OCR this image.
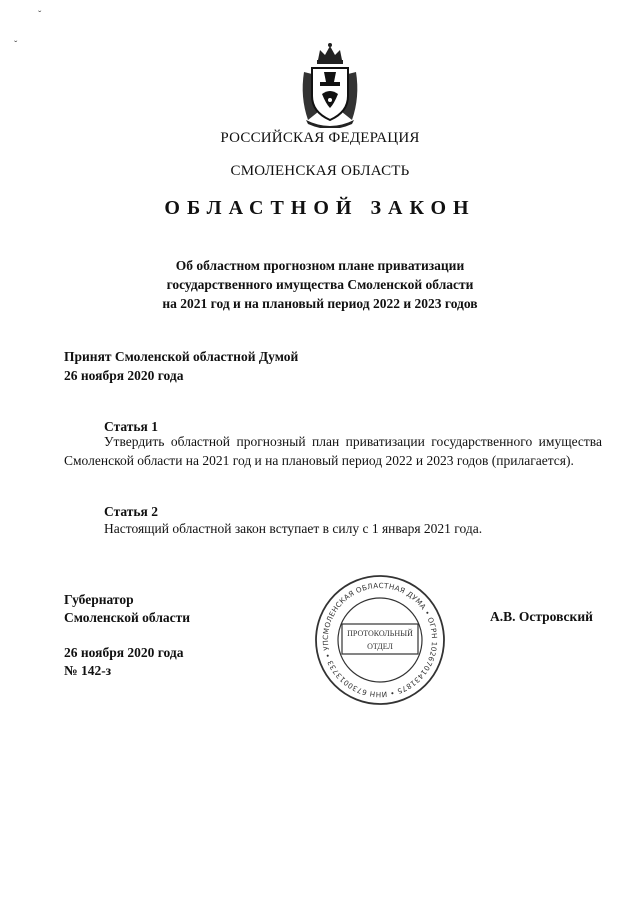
ˇ
ˇ
РОССИЙСКАЯ ФЕДЕРАЦИЯ
СМОЛЕНСКАЯ ОБЛАСТЬ
ОБЛАСТНОЙ ЗАКОН
Об областном прогнозном плане приватизации
государственного имущества Смоленской области
на 2021 год и на плановый период 2022 и 2023 годов
Принят Смоленской областной Думой
26 ноября 2020 года
Статья 1
Утвердить областной прогнозный план приватизации государственного имущества Смоленской области на 2021 год и на плановый период 2022 и 2023 годов (прилагается).
Статья 2
Настоящий областной закон вступает в силу с 1 января 2021 года.
Губернатор
Смоленской области	А.В. Островский
26 ноября 2020 года
№ 142-з
СМОЛЕНСКАЯ ОБЛАСТНАЯ ДУМА • ОГРН 1026701431875 • ИНН 6730013733 • УП
ПРОТОКОЛЬНЫЙ
ОТДЕЛ
